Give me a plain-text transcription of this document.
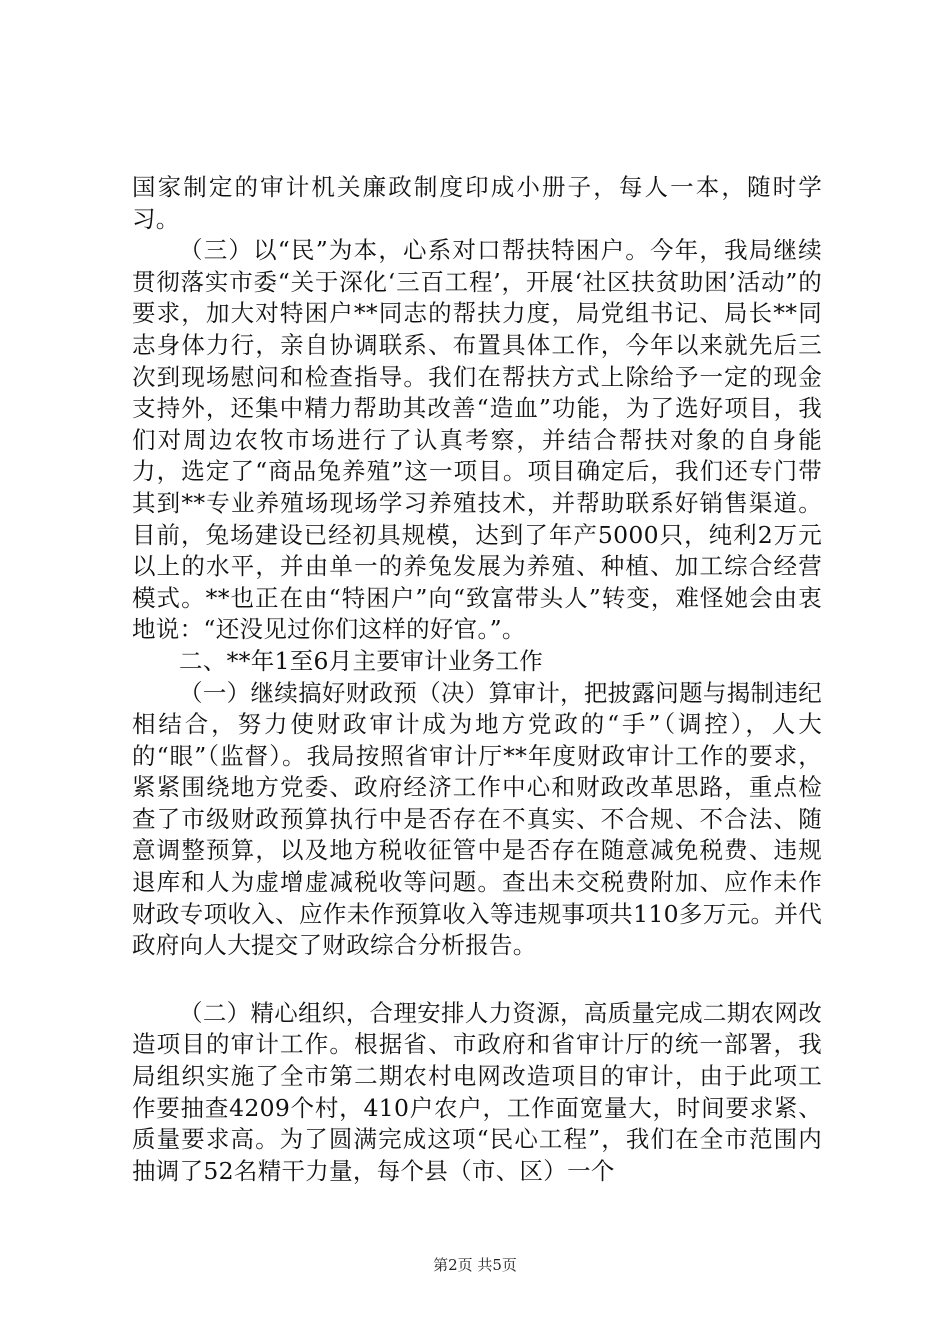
国家制定的审计机关廉政制度印成小册子，每人一本，随时学习。

（三）以“民”为本，心系对口帮扶特困户。今年，我局继续贯彻落实市委“关于深化‘三百工程’，开展‘社区扶贫助困’活动”的要求，加大对特困户**同志的帮扶力度，局党组书记、局长**同志身体力行，亲自协调联系、布置具体工作，今年以来就先后三次到现场慰问和检查指导。我们在帮扶方式上除给予一定的现金支持外，还集中精力帮助其改善“造血”功能，为了选好项目，我们对周边农牧市场进行了认真考察，并结合帮扶对象的自身能力，选定了“商品兔养殖”这一项目。项目确定后，我们还专门带其到**专业养殖场现场学习养殖技术，并帮助联系好销售渠道。目前，兔场建设已经初具规模，达到了年产5000只，纯利2万元以上的水平，并由单一的养兔发展为养殖、种植、加工综合经营模式。**也正在由“特困户”向“致富带头人”转变，难怪她会由衷地说：“还没见过你们这样的好官。”。

二、**年1至6月主要审计业务工作

（一）继续搞好财政预（决）算审计，把披露问题与揭制违纪相结合，努力使财政审计成为地方党政的“手”（调控），人大的“眼”（监督）。我局按照省审计厅**年度财政审计工作的要求，紧紧围绕地方党委、政府经济工作中心和财政改革思路，重点检查了市级财政预算执行中是否存在不真实、不合规、不合法、随意调整预算，以及地方税收征管中是否存在随意减免税费、违规退库和人为虚增虚减税收等问题。查出未交税费附加、应作未作财政专项收入、应作未作预算收入等违规事项共110多万元。并代政府向人大提交了财政综合分析报告。

（二）精心组织，合理安排人力资源，高质量完成二期农网改造项目的审计工作。根据省、市政府和省审计厅的统一部署，我局组织实施了全市第二期农村电网改造项目的审计，由于此项工作要抽查4209个村，410户农户，工作面宽量大，时间要求紧、质量要求高。为了圆满完成这项“民心工程”，我们在全市范围内抽调了52名精干力量，每个县（市、区）一个

第2页 共5页
